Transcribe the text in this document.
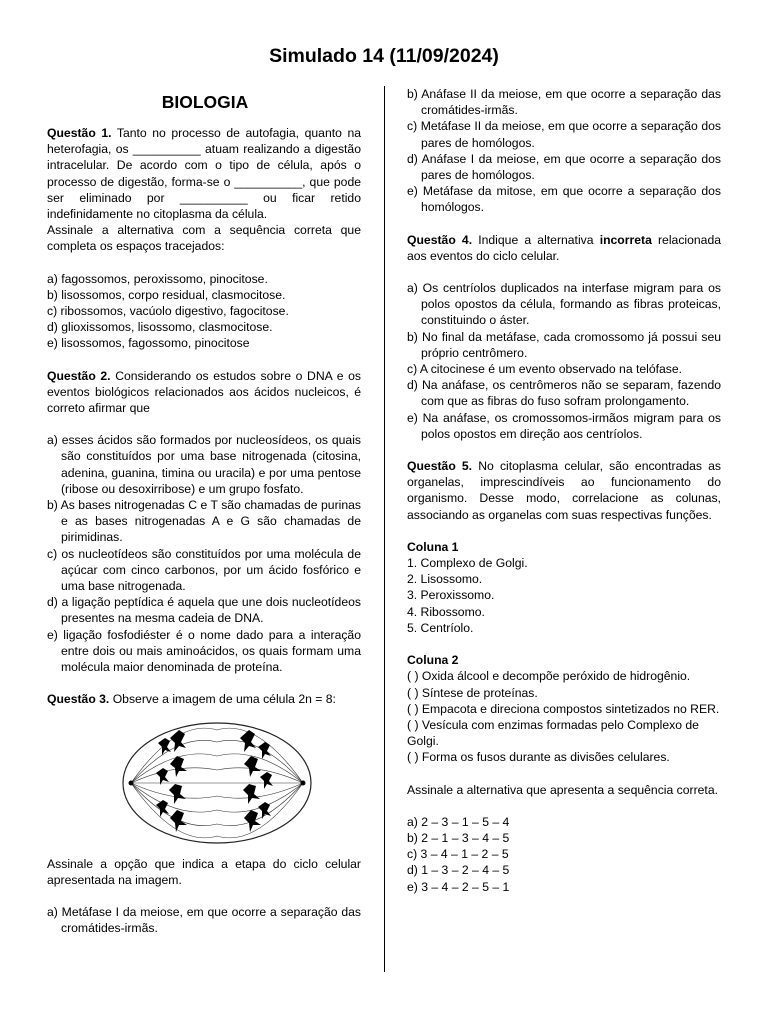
Simulado 14 (11/09/2024)
BIOLOGIA

Questão 1. Tanto no processo de autofagia, quanto na heterofagia, os __________ atuam realizando a digestão intracelular. De acordo com o tipo de célula, após o processo de digestão, forma-se o __________, que pode ser eliminado por __________ ou ficar retido indefinidamente no citoplasma da célula.

Assinale a alternativa com a sequência correta que completa os espaços tracejados:

a) fagossomos, peroxissomo, pinocitose.

b) lisossomos, corpo residual, clasmocitose.

c) ribossomos, vacúolo digestivo, fagocitose.

d) glioxissomos, lisossomo, clasmocitose.

e) lisossomos, fagossomo, pinocitose

Questão 2. Considerando os estudos sobre o DNA e os eventos biológicos relacionados aos ácidos nucleicos, é correto afirmar que

a) esses ácidos são formados por nucleosídeos, os quais são constituídos por uma base nitrogenada (citosina, adenina, guanina, timina ou uracila) e por uma pentose (ribose ou desoxirribose) e um grupo fosfato.

b) As bases nitrogenadas C e T são chamadas de purinas e as bases nitrogenadas A e G são chamadas de pirimidinas.

c) os nucleotídeos são constituídos por uma molécula de açúcar com cinco carbonos, por um ácido fosfórico e uma base nitrogenada.

d) a ligação peptídica é aquela que une dois nucleotídeos presentes na mesma cadeia de DNA.

e) ligação fosfodiéster é o nome dado para a interação entre dois ou mais aminoácidos, os quais formam uma molécula maior denominada de proteína.

Questão 3. Observe a imagem de uma célula 2n = 8:

Assinale a opção que indica a etapa do ciclo celular apresentada na imagem.

a) Metáfase I da meiose, em que ocorre a separação das cromátides-irmãs.

b) Anáfase II da meiose, em que ocorre a separação das cromátides-irmãs.

c) Metáfase II da meiose, em que ocorre a separação dos pares de homólogos.

d) Anáfase I da meiose, em que ocorre a separação dos pares de homólogos.

e) Metáfase da mitose, em que ocorre a separação dos homólogos.

Questão 4. Indique a alternativa incorreta relacionada aos eventos do ciclo celular.

a) Os centríolos duplicados na interfase migram para os polos opostos da célula, formando as fibras proteicas, constituindo o áster.

b) No final da metáfase, cada cromossomo já possui seu próprio centrômero.

c) A citocinese é um evento observado na telófase.

d) Na anáfase, os centrômeros não se separam, fazendo com que as fibras do fuso sofram prolongamento.

e) Na anáfase, os cromossomos-irmãos migram para os polos opostos em direção aos centríolos.

Questão 5. No citoplasma celular, são encontradas as organelas, imprescindíveis ao funcionamento do organismo. Desse modo, correlacione as colunas, associando as organelas com suas respectivas funções.

Coluna 1

1. Complexo de Golgi.

2. Lisossomo.

3. Peroxissomo.

4. Ribossomo.

5. Centríolo.

Coluna 2

( ) Oxida álcool e decompõe peróxido de hidrogênio.

( ) Síntese de proteínas.

( ) Empacota e direciona compostos sintetizados no RER.

( ) Vesícula com enzimas formadas pelo Complexo de Golgi.

( ) Forma os fusos durante as divisões celulares.

Assinale a alternativa que apresenta a sequência correta.

a) 2 – 3 – 1 – 5 – 4

b) 2 – 1 – 3 – 4 – 5

c) 3 – 4 – 1 – 2 – 5

d) 1 – 3 – 2 – 4 – 5

e) 3 – 4 – 2 – 5 – 1
